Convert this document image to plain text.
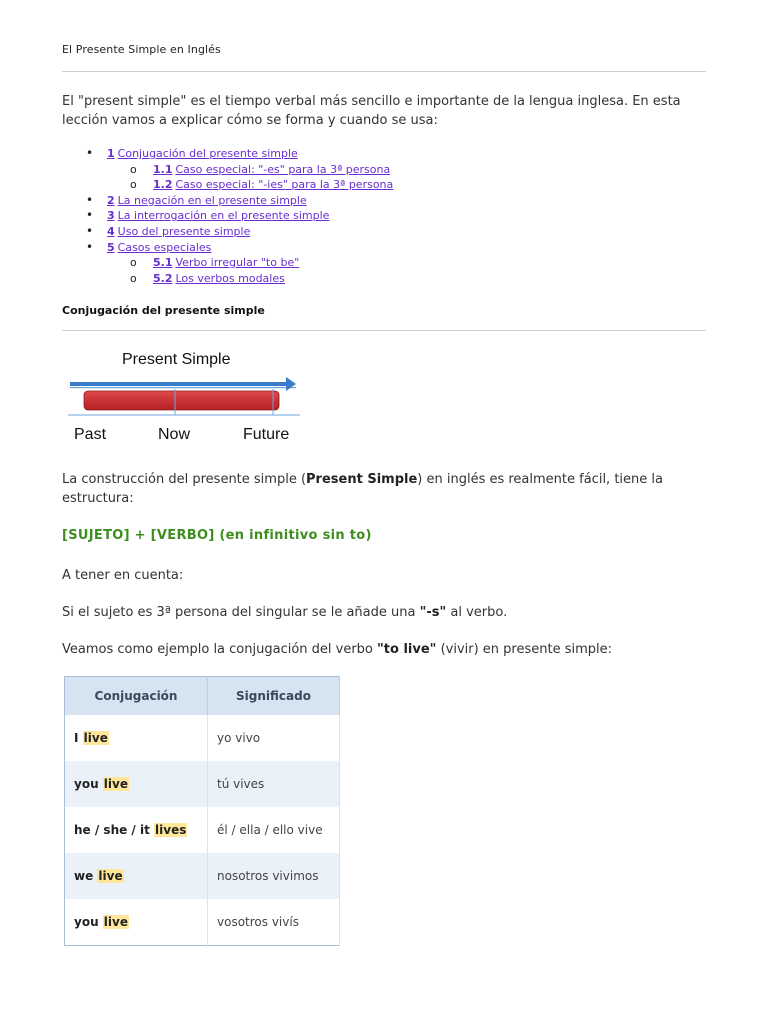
El Presente Simple en Inglés
El "present simple" es el tiempo verbal más sencillo e importante de la lengua inglesa. En esta lección vamos a explicar cómo se forma y cuando se usa:
• 1 Conjugación del presente simple
o 1.1 Caso especial: "-es" para la 3ª persona
o 1.2 Caso especial: "-ies" para la 3ª persona
• 2 La negación en el presente simple
• 3 La interrogación en el presente simple
• 4 Uso del presente simple
• 5 Casos especiales
o 5.1 Verbo irregular "to be"
o 5.2 Los verbos modales
Conjugación del presente simple
Present Simple
Past	Now	Future
La construcción del presente simple (Present Simple) en inglés es realmente fácil, tiene la estructura:
[SUJETO] + [VERBO] (en infinitivo sin to)
A tener en cuenta:
Si el sujeto es 3ª persona del singular se le añade una "-s" al verbo.
Veamos como ejemplo la conjugación del verbo "to live" (vivir) en presente simple:
Conjugación	Significado
I live	yo vivo
you live	tú vives
he / she / it lives	él / ella / ello vive
we live	nosotros vivimos
you live	vosotros vivís
